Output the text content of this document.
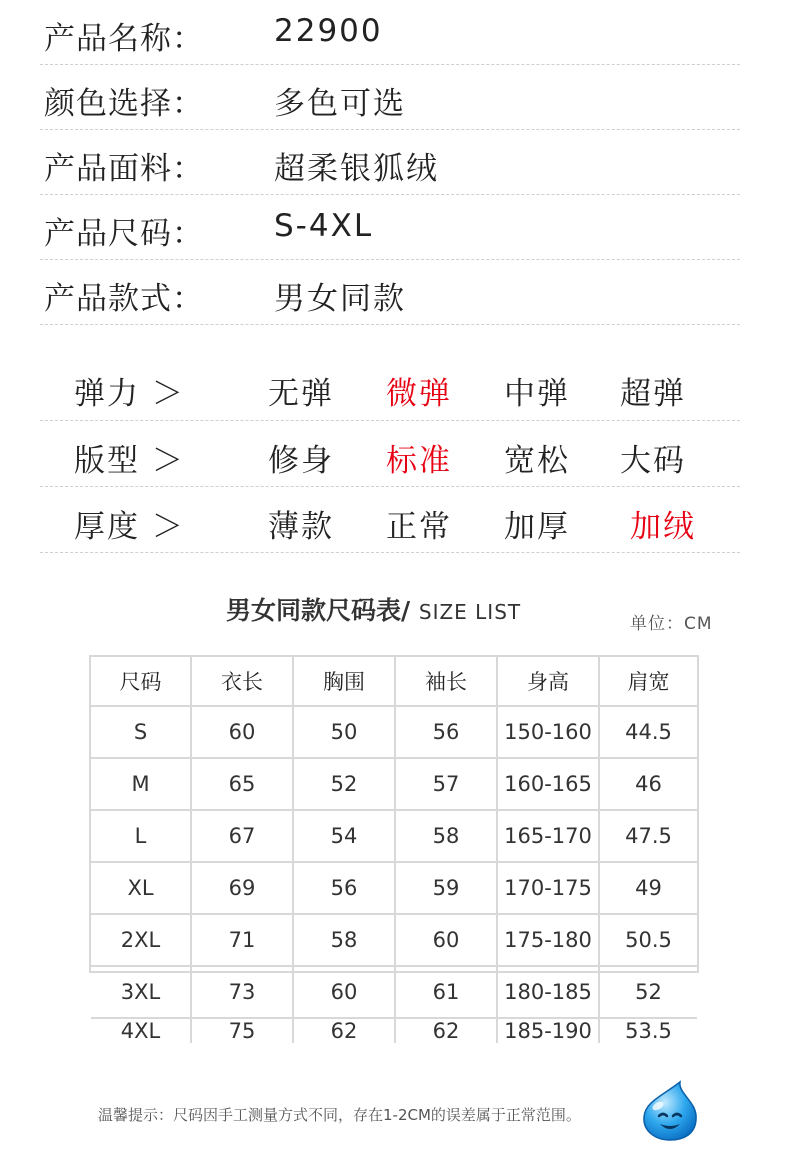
产品名称： 22900
颜色选择： 多色可选
产品面料： 超柔银狐绒
产品尺码： S-4XL
产品款式： 男女同款
弹力 ＞	无弹 微弹 中弹 超弹
版型 ＞	修身 标准 宽松 大码
厚度 ＞	薄款 正常 加厚 加绒
男女同款尺码表/ SIZE LIST	单位：CM
尺码	衣长	胸围	袖长	身高	肩宽
S	60	50	56	150-160	44.5
M	65	52	57	160-165	46
L	67	54	58	165-170	47.5
XL	69	56	59	170-175	49
2XL	71	58	60	175-180	50.5
3XL	73	60	61	180-185	52
4XL	75	62	62	185-190	53.5
温馨提示：尺码因手工测量方式不同，存在1-2CM的误差属于正常范围。
